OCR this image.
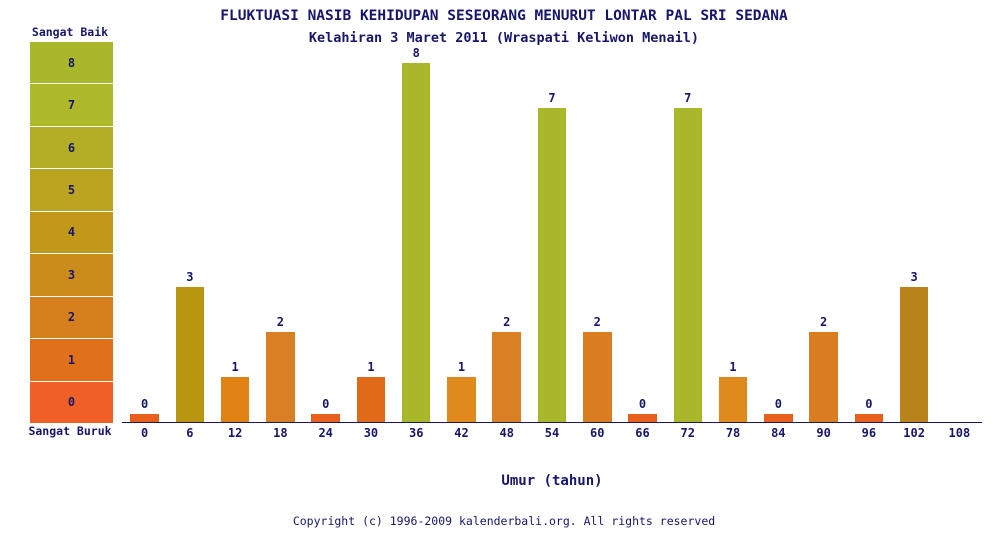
FLUKTUASI NASIB KEHIDUPAN SESEORANG MENURUT LONTAR PAL SRI SEDANA
Kelahiran 3 Maret 2011 (Wraspati Keliwon Menail)
Sangat Baik
8
7
6
5
4
3
2
1
0
Sangat Buruk
0
3
1
2
0
1
8
1
2
7
2
0
7
1
0
2
0
3
0	6	12	18	24	30	36	42	48	54	60	66	72	78	84	90	96 102 108
Umur (tahun)
Copyright (c) 1996-2009 kalenderbali.org. All rights reserved
